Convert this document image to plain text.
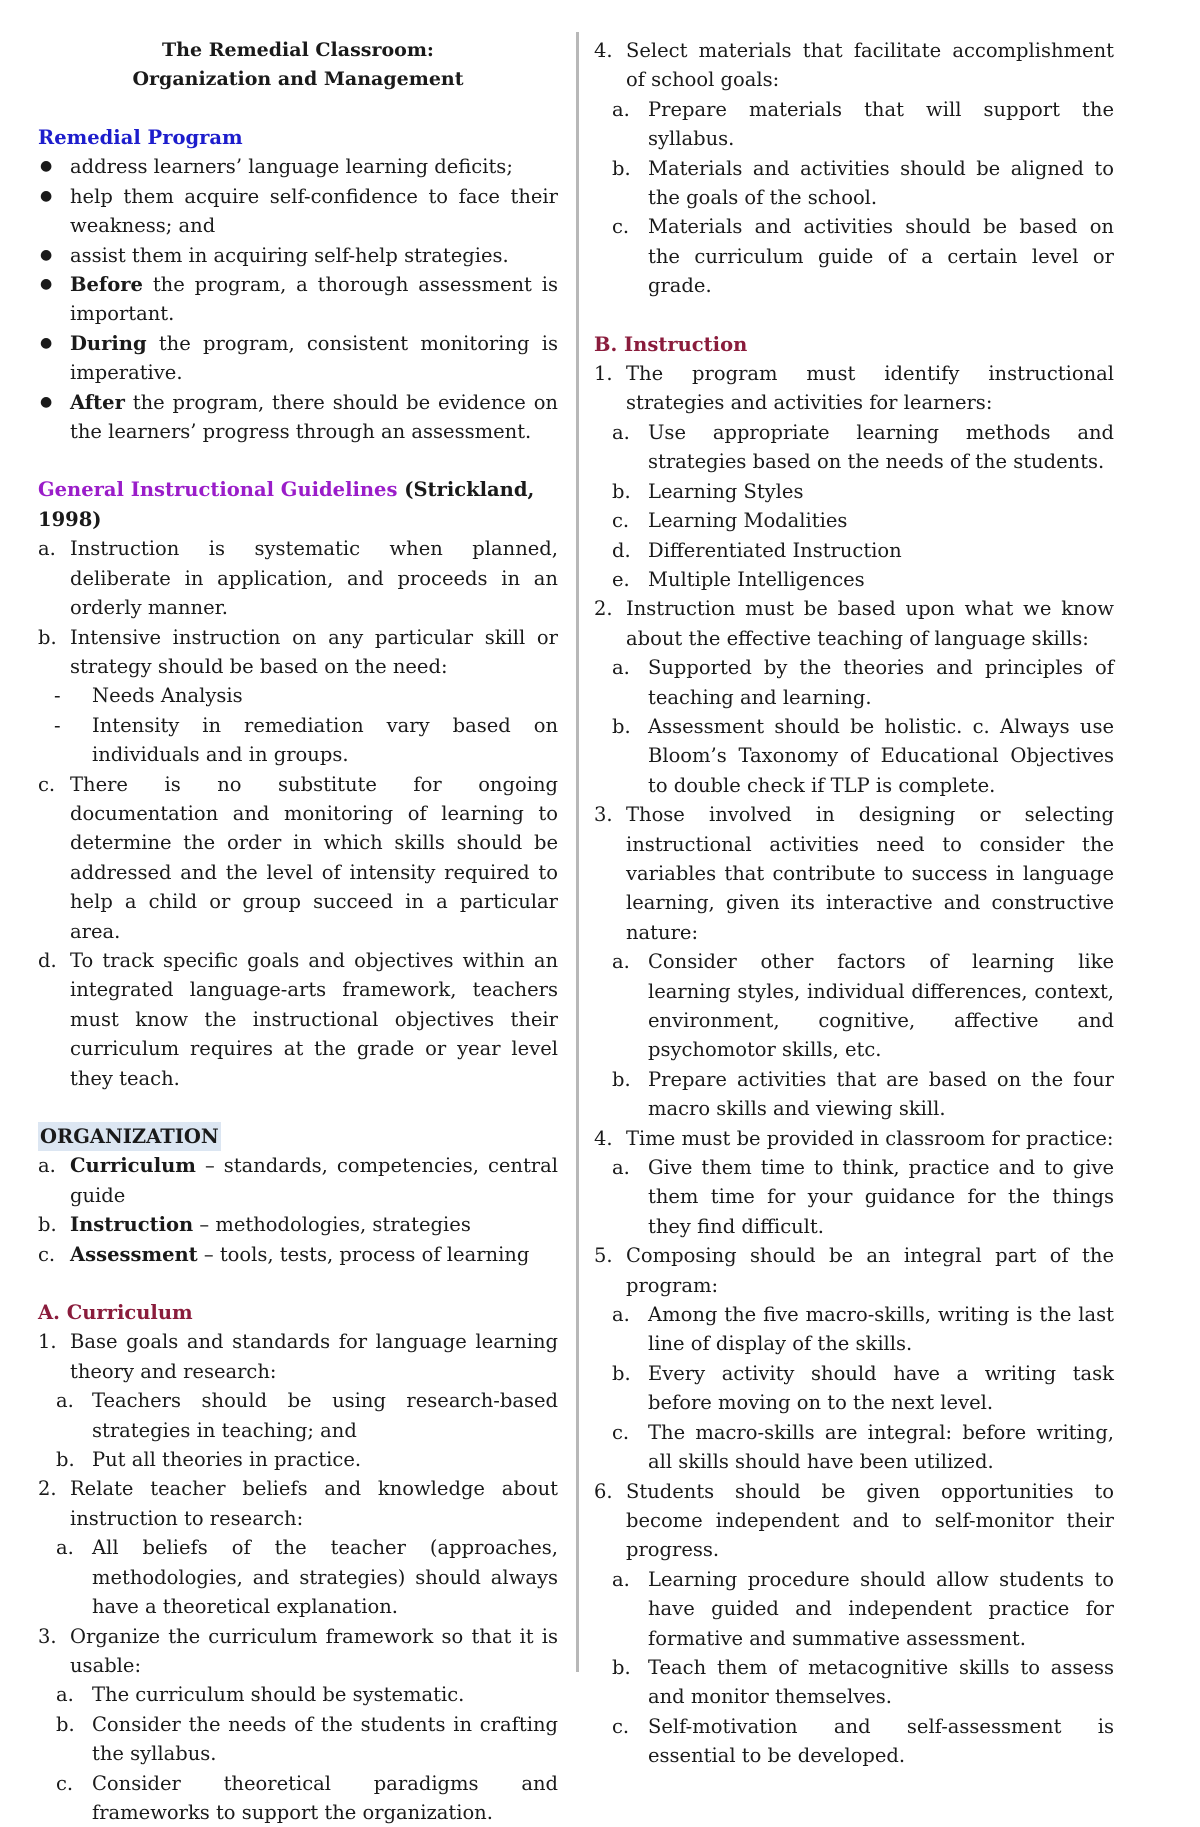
The Remedial Classroom:
Organization and Management

Remedial Program

● address learners’ language learning deficits;
● help them acquire self-confidence to face their weakness; and
● assist them in acquiring self-help strategies.
● Before the program, a thorough assessment is important.
● During the program, consistent monitoring is imperative.
● After the program, there should be evidence on the learners’ progress through an assessment.

General Instructional Guidelines (Strickland, 1998)

a. Instruction is systematic when planned, deliberate in application, and proceeds in an orderly manner.
b. Intensive instruction on any particular skill or strategy should be based on the need:
- Needs Analysis
- Intensity in remediation vary based on individuals and in groups.
c. There is no substitute for ongoing documentation and monitoring of learning to determine the order in which skills should be addressed and the level of intensity required to help a child or group succeed in a particular area.
d. To track specific goals and objectives within an integrated language-arts framework, teachers must know the instructional objectives their curriculum requires at the grade or year level they teach.

ORGANIZATION

a. Curriculum – standards, competencies, central guide
b. Instruction – methodologies, strategies
c. Assessment – tools, tests, process of learning

A. Curriculum

1. Base goals and standards for language learning theory and research:
a. Teachers should be using research-based strategies in teaching; and
b. Put all theories in practice.
2. Relate teacher beliefs and knowledge about instruction to research:
a. All beliefs of the teacher (approaches, methodologies, and strategies) should always have a theoretical explanation.
3. Organize the curriculum framework so that it is usable:
a. The curriculum should be systematic.
b. Consider the needs of the students in crafting the syllabus.
c. Consider theoretical paradigms and frameworks to support the organization.
4. Select materials that facilitate accomplishment of school goals:
a. Prepare materials that will support the syllabus.
b. Materials and activities should be aligned to the goals of the school.
c. Materials and activities should be based on the curriculum guide of a certain level or grade.

B. Instruction

1. The program must identify instructional strategies and activities for learners:
a. Use appropriate learning methods and strategies based on the needs of the students.
b. Learning Styles
c. Learning Modalities
d. Differentiated Instruction
e. Multiple Intelligences
2. Instruction must be based upon what we know about the effective teaching of language skills:
a. Supported by the theories and principles of teaching and learning.
b. Assessment should be holistic. c. Always use Bloom’s Taxonomy of Educational Objectives to double check if TLP is complete.
3. Those involved in designing or selecting instructional activities need to consider the variables that contribute to success in language learning, given its interactive and constructive nature:
a. Consider other factors of learning like learning styles, individual differences, context, environment, cognitive, affective and psychomotor skills, etc.
b. Prepare activities that are based on the four macro skills and viewing skill.
4. Time must be provided in classroom for practice:
a. Give them time to think, practice and to give them time for your guidance for the things they find difficult.
5. Composing should be an integral part of the program:
a. Among the five macro-skills, writing is the last line of display of the skills.
b. Every activity should have a writing task before moving on to the next level.
c. The macro-skills are integral: before writing, all skills should have been utilized.
6. Students should be given opportunities to become independent and to self-monitor their progress.
a. Learning procedure should allow students to have guided and independent practice for formative and summative assessment.
b. Teach them of metacognitive skills to assess and monitor themselves.
c. Self-motivation and self-assessment is essential to be developed.
